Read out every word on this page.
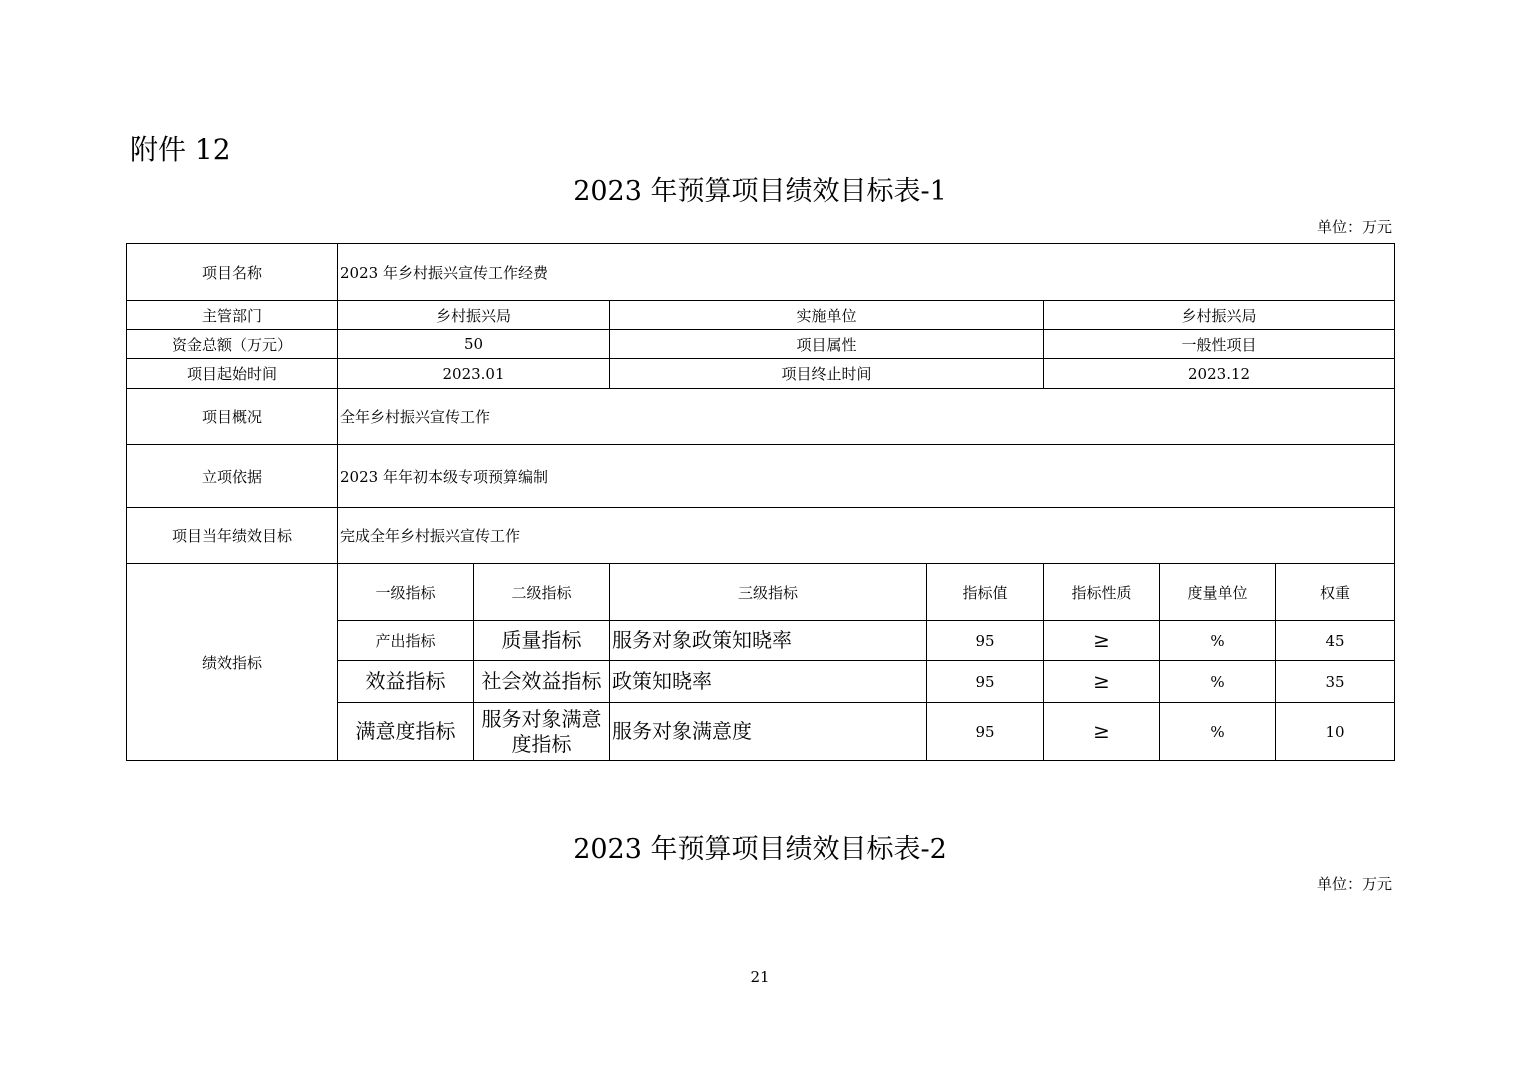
附件 12
2023 年预算项目绩效目标表-1
单位：万元
项目名称	2023 年乡村振兴宣传工作经费						
主管部门	乡村振兴局		实施单位		乡村振兴局		
资金总额（万元）	50		项目属性		一般性项目		
项目起始时间	2023.01		项目终止时间		2023.12		
项目概况	全年乡村振兴宣传工作						
立项依据	2023 年年初本级专项预算编制						
项目当年绩效目标	完成全年乡村振兴宣传工作						
绩效指标	一级指标	二级指标	三级指标	指标值	指标性质	度量单位	权重
	产出指标	质量指标	服务对象政策知晓率	95	≥	%	45
	效益指标	社会效益指标	政策知晓率	95	≥	%	35
	满意度指标	服务对象满意度指标	服务对象满意度	95	≥	%	10
2023 年预算项目绩效目标表-2
单位：万元
21
